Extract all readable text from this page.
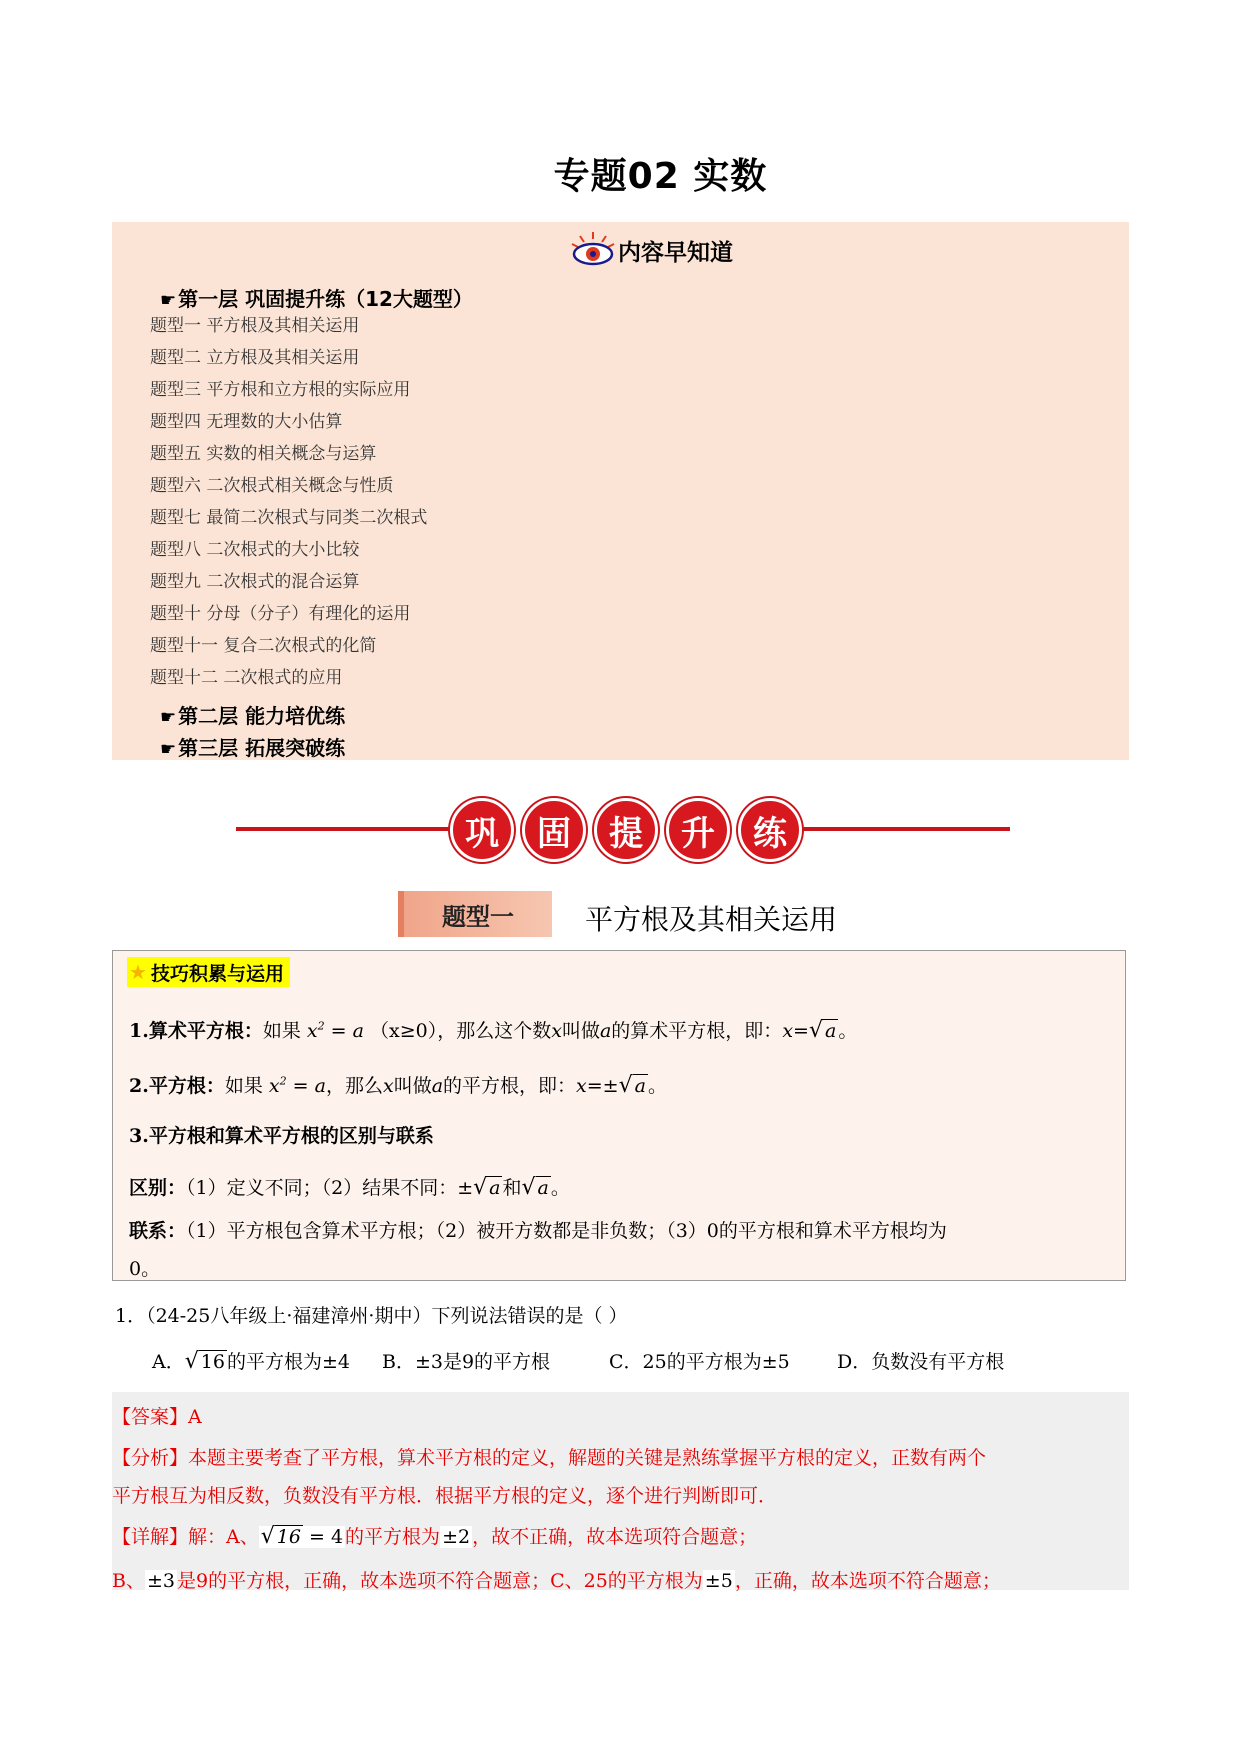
专题02 实数
内容早知道
☛ 第一层 巩固提升练（12大题型）
题型一 平方根及其相关运用
题型二 立方根及其相关运用
题型三 平方根和立方根的实际应用
题型四 无理数的大小估算
题型五 实数的相关概念与运算
题型六 二次根式相关概念与性质
题型七 最简二次根式与同类二次根式
题型八 二次根式的大小比较
题型九 二次根式的混合运算
题型十 分母（分子）有理化的运用
题型十一 复合二次根式的化简
题型十二 二次根式的应用
☛ 第二层 能力培优练
☛ 第三层 拓展突破练
巩	固	提	升	练
题型一	平方根及其相关运用
★ 技巧积累与运用
1.算术平方根：如果 $x^2 = a$ （x≥0），那么这个数x叫做a的算术平方根，即：x=√ a 。
2.平方根：如果 $x^2 = a$，那么x叫做a的平方根，即：x=±√ a 。
3.平方根和算术平方根的区别与联系
区别：（1）定义不同；（2）结果不同：±√ a 和√ a 。
联系：（1）平方根包含算术平方根；（2）被开方数都是非负数；（3）0的平方根和算术平方根均为
0。
1．（24-25八年级上·福建漳州·期中）下列说法错误的是（ ）
A．√ 16 的平方根为±4	B．±3是9的平方根	C．25的平方根为±5	D．负数没有平方根
【答案】A
【分析】本题主要考查了平方根，算术平方根的定义，解题的关键是熟练掌握平方根的定义，正数有两个
平方根互为相反数，负数没有平方根．根据平方根的定义，逐个进行判断即可．
【详解】解：A、√ 16 = 4 的平方根为 ±2 ，故不正确，故本选项符合题意；
B、 ±3 是9的平方根，正确，故本选项不符合题意；C、25的平方根为 ±5 ，正确，故本选项不符合题意；
